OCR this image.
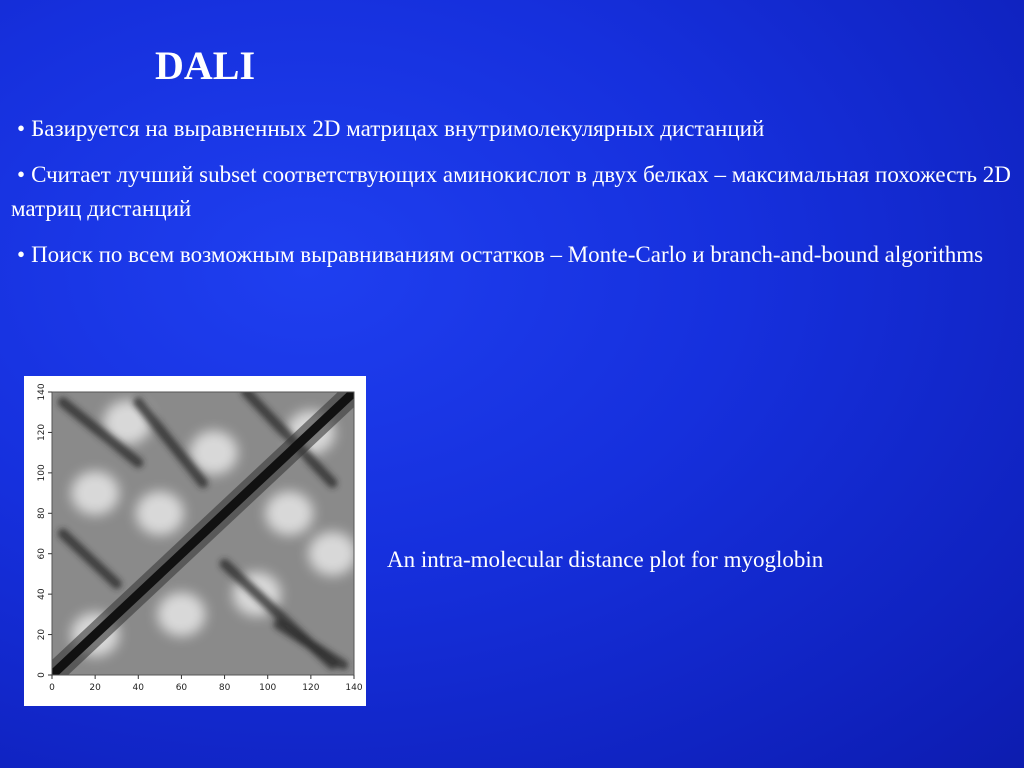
DALI
• Базируется на выравненных 2D матрицах внутримолекулярных дистанций
• Считает лучший subset соответствующих аминокислот в двух белках – максимальная похожесть 2D матриц дистанций
• Поиск по всем возможным выравниваниям остатков – Monte-Carlo и branch-and-bound algorithms
0	20	40	60	80	100	120	140
0
20
40
60
80
100
120
140

An intra-molecular distance plot for myoglobin
